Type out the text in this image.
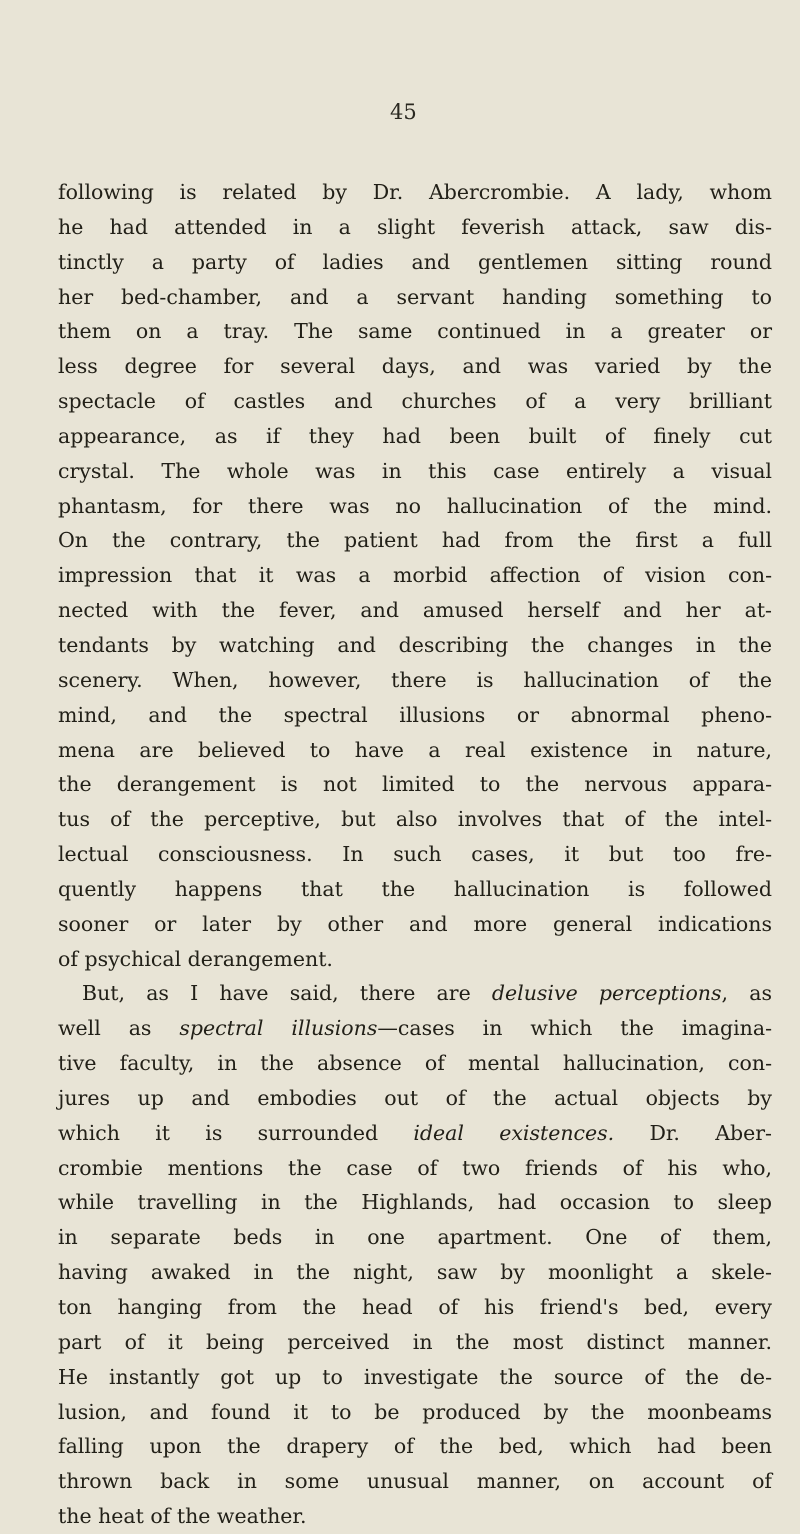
45
following is related by Dr. Abercrombie. A lady, whom
he had attended in a slight feverish attack, saw dis-
tinctly a party of ladies and gentlemen sitting round
her bed-chamber, and a servant handing something to
them on a tray. The same continued in a greater or
less degree for several days, and was varied by the
spectacle of castles and churches of a very brilliant
appearance, as if they had been built of finely cut
crystal. The whole was in this case entirely a visual
phantasm, for there was no hallucination of the mind.
On the contrary, the patient had from the first a full
impression that it was a morbid affection of vision con-
nected with the fever, and amused herself and her at-
tendants by watching and describing the changes in the
scenery. When, however, there is hallucination of the
mind, and the spectral illusions or abnormal pheno-
mena are believed to have a real existence in nature,
the derangement is not limited to the nervous appara-
tus of the perceptive, but also involves that of the intel-
lectual consciousness. In such cases, it but too fre-
quently happens that the hallucination is followed
sooner or later by other and more general indications
of psychical derangement.
But, as I have said, there are delusive perceptions, as
well as spectral illusions—cases in which the imagina-
tive faculty, in the absence of mental hallucination, con-
jures up and embodies out of the actual objects by
which it is surrounded ideal existences. Dr. Aber-
crombie mentions the case of two friends of his who,
while travelling in the Highlands, had occasion to sleep
in separate beds in one apartment. One of them,
having awaked in the night, saw by moonlight a skele-
ton hanging from the head of his friend's bed, every
part of it being perceived in the most distinct manner.
He instantly got up to investigate the source of the de-
lusion, and found it to be produced by the moonbeams
falling upon the drapery of the bed, which had been
thrown back in some unusual manner, on account of
the heat of the weather.
